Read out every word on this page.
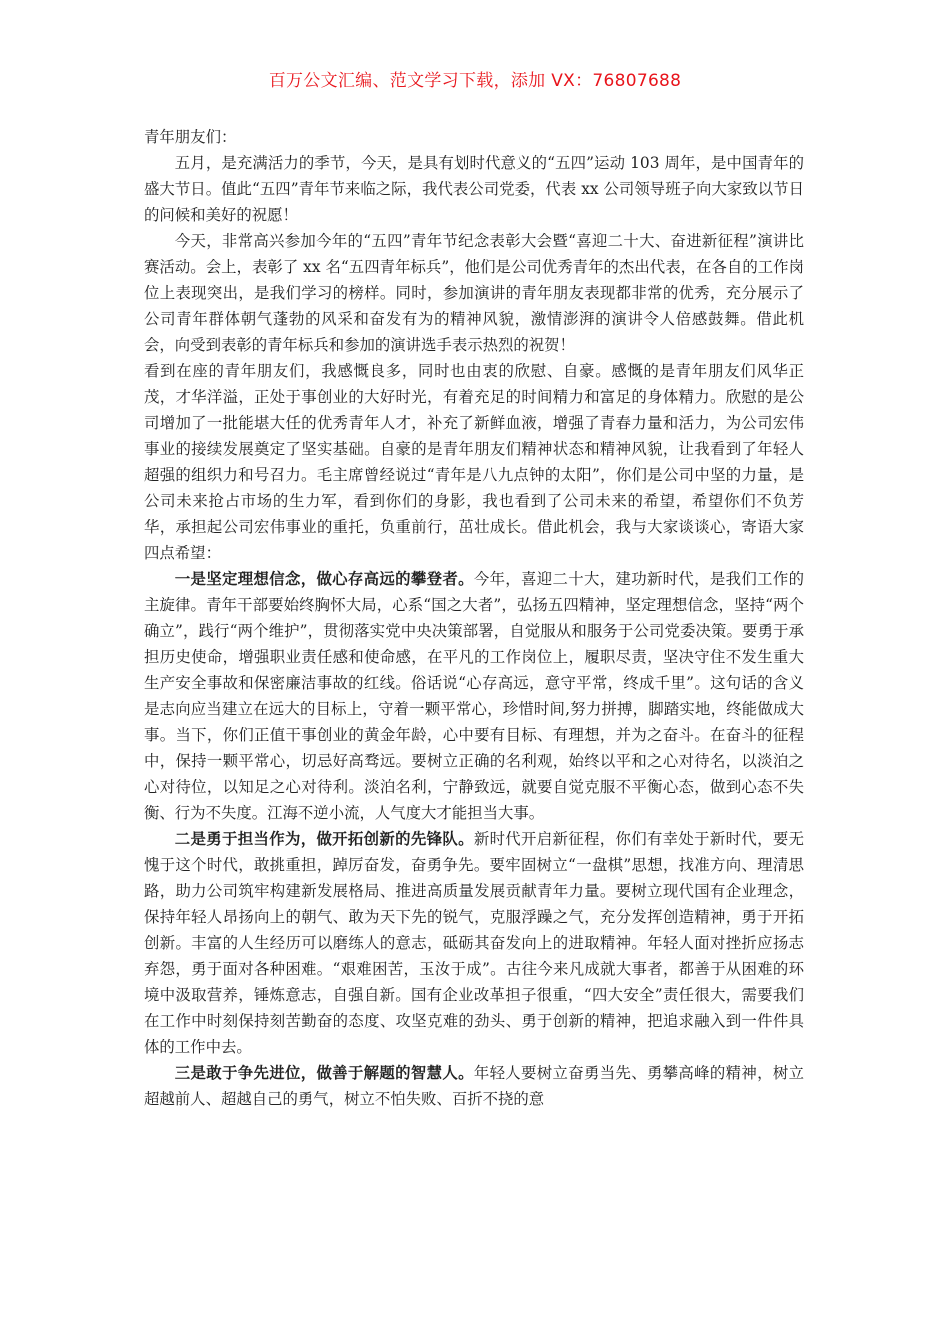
百万公文汇编、范文学习下载，添加 VX：76807688

青年朋友们：

五月，是充满活力的季节，今天，是具有划时代意义的“五四”运动 103 周年，是中国青年的盛大节日。值此“五四”青年节来临之际，我代表公司党委，代表 xx 公司领导班子向大家致以节日的问候和美好的祝愿！

今天，非常高兴参加今年的“五四”青年节纪念表彰大会暨“喜迎二十大、奋进新征程”演讲比赛活动。会上，表彰了 xx 名“五四青年标兵”，他们是公司优秀青年的杰出代表，在各自的工作岗位上表现突出，是我们学习的榜样。同时，参加演讲的青年朋友表现都非常的优秀，充分展示了公司青年群体朝气蓬勃的风采和奋发有为的精神风貌，激情澎湃的演讲令人倍感鼓舞。借此机会，向受到表彰的青年标兵和参加的演讲选手表示热烈的祝贺！

看到在座的青年朋友们，我感慨良多，同时也由衷的欣慰、自豪。感慨的是青年朋友们风华正茂，才华洋溢，正处于事创业的大好时光，有着充足的时间精力和富足的身体精力。欣慰的是公司增加了一批能堪大任的优秀青年人才，补充了新鲜血液，增强了青春力量和活力，为公司宏伟事业的接续发展奠定了坚实基础。自豪的是青年朋友们精神状态和精神风貌，让我看到了年轻人超强的组织力和号召力。毛主席曾经说过“青年是八九点钟的太阳”，你们是公司中坚的力量，是公司未来抢占市场的生力军，看到你们的身影，我也看到了公司未来的希望，希望你们不负芳华，承担起公司宏伟事业的重托，负重前行，茁壮成长。借此机会，我与大家谈谈心，寄语大家四点希望：

一是坚定理想信念，做心存高远的攀登者。今年，喜迎二十大，建功新时代，是我们工作的主旋律。青年干部要始终胸怀大局，心系“国之大者”，弘扬五四精神，坚定理想信念，坚持“两个确立”，践行“两个维护”，贯彻落实党中央决策部署，自觉服从和服务于公司党委决策。要勇于承担历史使命，增强职业责任感和使命感，在平凡的工作岗位上，履职尽责，坚决守住不发生重大生产安全事故和保密廉洁事故的红线。俗话说“心存高远，意守平常，终成千里”。这句话的含义是志向应当建立在远大的目标上，守着一颗平常心，珍惜时间,努力拼搏，脚踏实地，终能做成大事。当下，你们正值干事创业的黄金年龄，心中要有目标、有理想，并为之奋斗。在奋斗的征程中，保持一颗平常心，切忌好高骛远。要树立正确的名利观，始终以平和之心对待名，以淡泊之心对待位，以知足之心对待利。淡泊名利，宁静致远，就要自觉克服不平衡心态，做到心态不失衡、行为不失度。江海不逆小流，人气度大才能担当大事。

二是勇于担当作为，做开拓创新的先锋队。新时代开启新征程，你们有幸处于新时代，要无愧于这个时代，敢挑重担，踔厉奋发，奋勇争先。要牢固树立“一盘棋”思想，找准方向、理清思路，助力公司筑牢构建新发展格局、推进高质量发展贡献青年力量。要树立现代国有企业理念，保持年轻人昂扬向上的朝气、敢为天下先的锐气，克服浮躁之气，充分发挥创造精神，勇于开拓创新。丰富的人生经历可以磨练人的意志，砥砺其奋发向上的进取精神。年轻人面对挫折应扬志弃怨，勇于面对各种困难。“艰难困苦，玉汝于成”。古往今来凡成就大事者，都善于从困难的环境中汲取营养，锤炼意志，自强自新。国有企业改革担子很重，“四大安全”责任很大，需要我们在工作中时刻保持刻苦勤奋的态度、攻坚克难的劲头、勇于创新的精神，把追求融入到一件件具体的工作中去。

三是敢于争先进位，做善于解题的智慧人。年轻人要树立奋勇当先、勇攀高峰的精神，树立超越前人、超越自己的勇气，树立不怕失败、百折不挠的意
